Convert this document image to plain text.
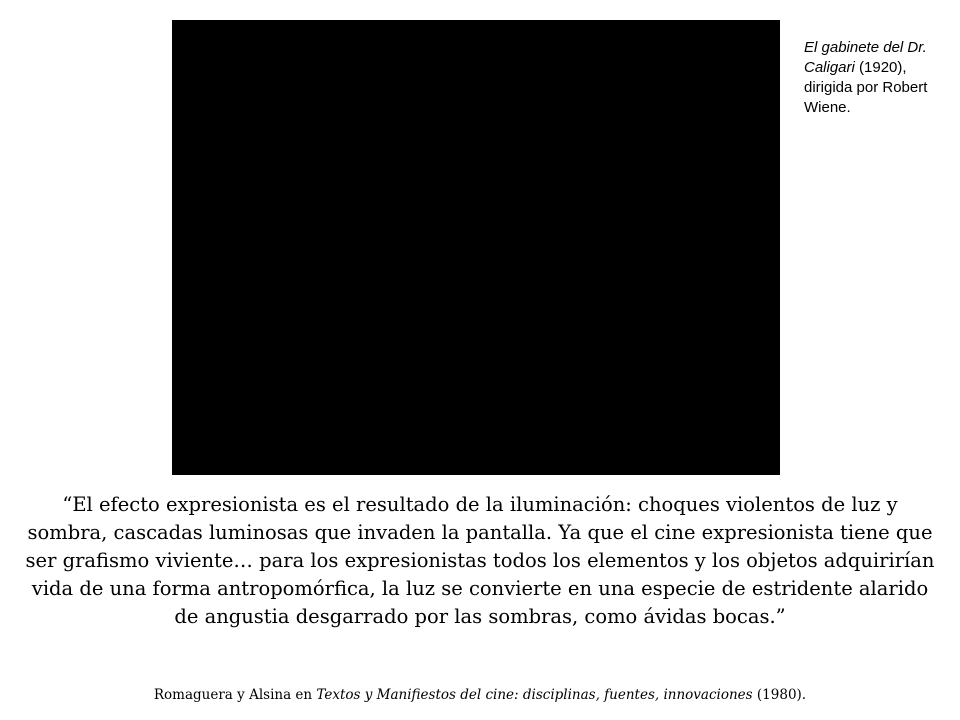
El gabinete del Dr. Caligari (1920), dirigida por Robert Wiene.

“El efecto expresionista es el resultado de la iluminación: choques violentos de luz y sombra, cascadas luminosas que invaden la pantalla. Ya que el cine expresionista tiene que ser grafismo viviente… para los expresionistas todos los elementos y los objetos adquirirían vida de una forma antropomórfica, la luz se convierte en una especie de estridente alarido de angustia desgarrado por las sombras, como ávidas bocas.”

Romaguera y Alsina en Textos y Manifiestos del cine: disciplinas, fuentes, innovaciones (1980).
